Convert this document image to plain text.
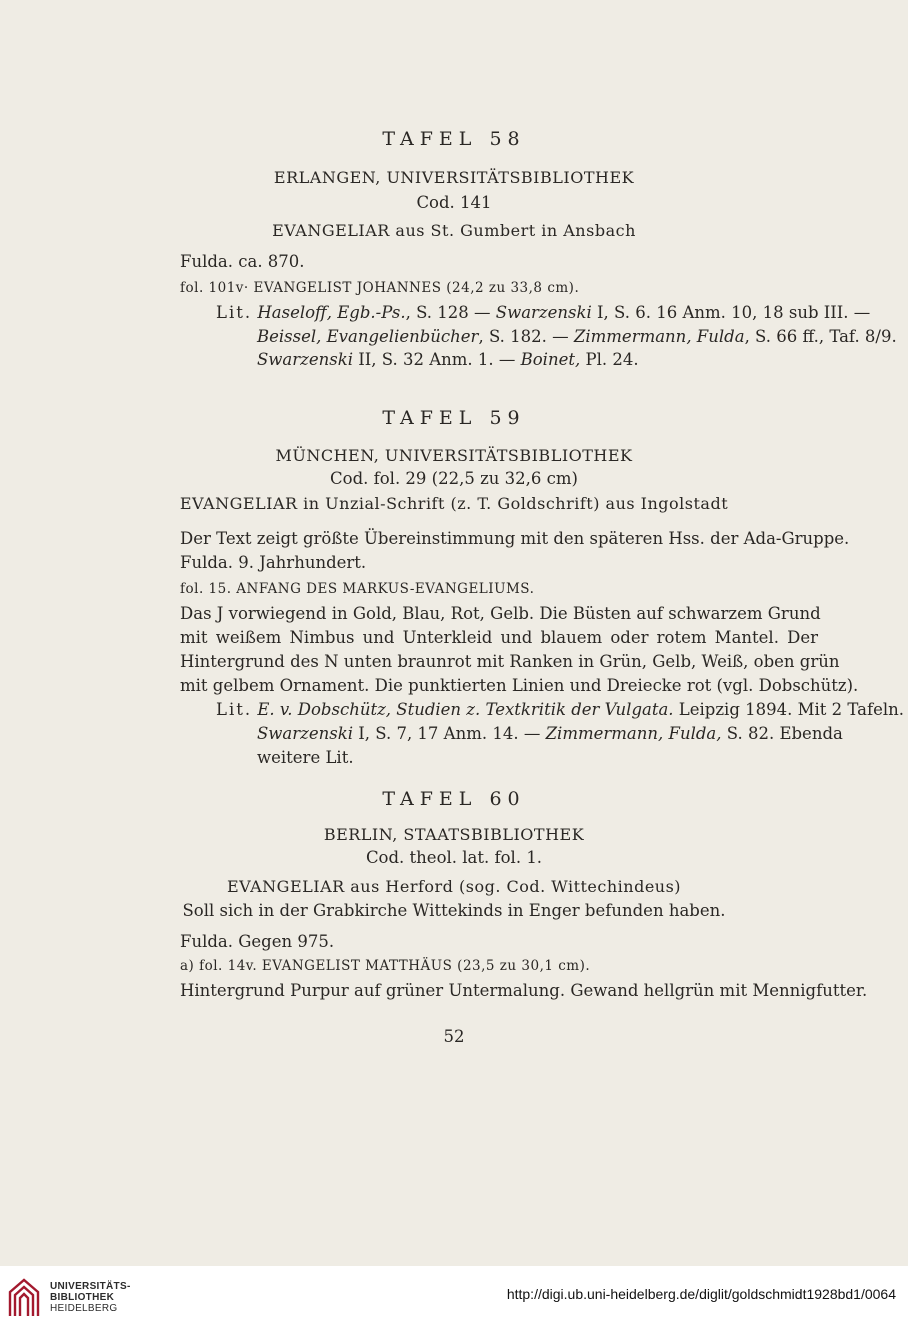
TAFEL 58
ERLANGEN, UNIVERSITÄTSBIBLIOTHEK
Cod. 141
EVANGELIAR aus St. Gumbert in Ansbach
Fulda. ca. 870.
fol. 101v· EVANGELIST JOHANNES (24,2 zu 33,8 cm).
Lit. Haseloff, Egb.-Ps., S. 128 — Swarzenski I, S. 6. 16 Anm. 10, 18 sub III. —
Beissel, Evangelienbücher, S. 182. — Zimmermann, Fulda, S. 66 ff., Taf. 8/9.
Swarzenski II, S. 32 Anm. 1. — Boinet, Pl. 24.
TAFEL 59
MÜNCHEN, UNIVERSITÄTSBIBLIOTHEK
Cod. fol. 29 (22,5 zu 32,6 cm)
EVANGELIAR in Unzial-Schrift (z. T. Goldschrift) aus Ingolstadt
Der Text zeigt größte Übereinstimmung mit den späteren Hss. der Ada-Gruppe.
Fulda. 9. Jahrhundert.
fol. 15. ANFANG DES MARKUS-EVANGELIUMS.
Das J vorwiegend in Gold, Blau, Rot, Gelb. Die Büsten auf schwarzem Grund
mit weißem Nimbus und Unterkleid und blauem oder rotem Mantel. Der
Hintergrund des N unten braunrot mit Ranken in Grün, Gelb, Weiß, oben grün
mit gelbem Ornament. Die punktierten Linien und Dreiecke rot (vgl. Dobschütz).
Lit. E. v. Dobschütz, Studien z. Textkritik der Vulgata. Leipzig 1894. Mit 2 Tafeln.
Swarzenski I, S. 7, 17 Anm. 14. — Zimmermann, Fulda, S. 82. Ebenda
weitere Lit.
TAFEL 60
BERLIN, STAATSBIBLIOTHEK
Cod. theol. lat. fol. 1.
EVANGELIAR aus Herford (sog. Cod. Wittechindeus)
Soll sich in der Grabkirche Wittekinds in Enger befunden haben.
Fulda. Gegen 975.
a) fol. 14v. EVANGELIST MATTHÄUS (23,5 zu 30,1 cm).
Hintergrund Purpur auf grüner Untermalung. Gewand hellgrün mit Mennigfutter.
52
UNIVERSITÄTS-
BIBLIOTHEK
HEIDELBERG
http://digi.ub.uni-heidelberg.de/diglit/goldschmidt1928bd1/0064
